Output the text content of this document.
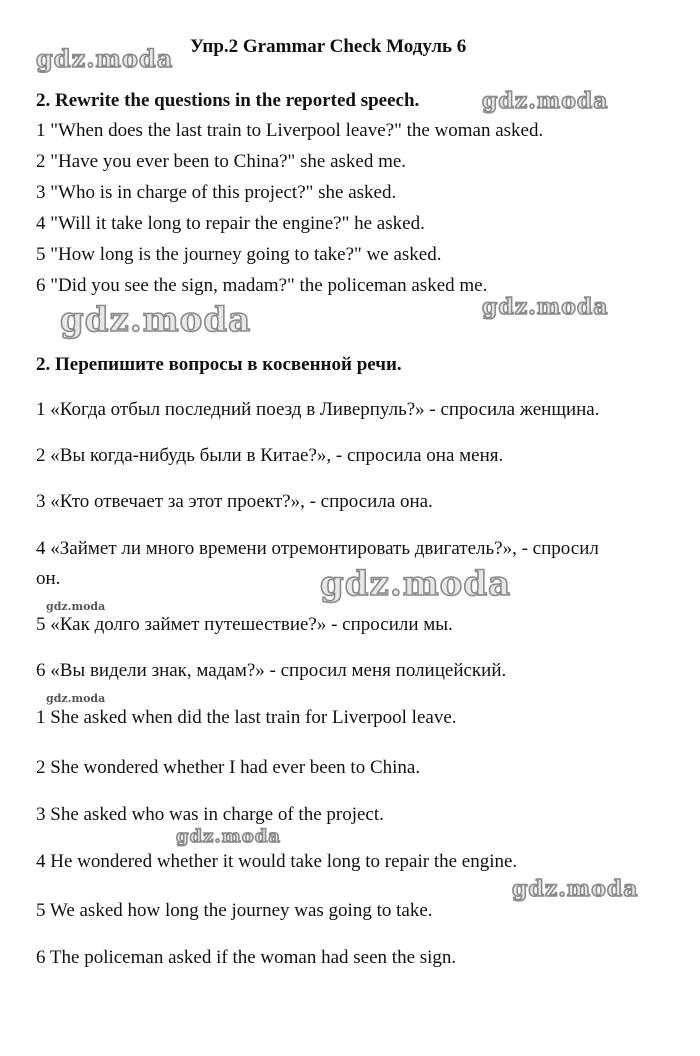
gdz.moda
gdz.moda
gdz.moda	gdz.moda
gdz.moda
gdz.moda
gdz.moda
gdz.moda
gdz.moda
Упр.2 Grammar Check Модуль 6
2. Rewrite the questions in the reported speech.
1 "When does the last train to Liverpool leave?" the woman asked.
2 "Have you ever been to China?" she asked me.
3 "Who is in charge of this project?" she asked.
4 "Will it take long to repair the engine?" he asked.
5 "How long is the journey going to take?" we asked.
6 "Did you see the sign, madam?" the policeman asked me.
2. Перепишите вопросы в косвенной речи.
1 «Когда отбыл последний поезд в Ливерпуль?» - спросила женщина.
2 «Вы когда-нибудь были в Китае?», - спросила она меня.
3 «Кто отвечает за этот проект?», - спросила она.
4 «Займет ли много времени отремонтировать двигатель?», - спросил
он.
5 «Как долго займет путешествие?» - спросили мы.
6 «Вы видели знак, мадам?» - спросил меня полицейский.
1 She asked when did the last train for Liverpool leave.
2 She wondered whether I had ever been to China.
3 She asked who was in charge of the project.
4 He wondered whether it would take long to repair the engine.
5 We asked how long the journey was going to take.
6 The policeman asked if the woman had seen the sign.
